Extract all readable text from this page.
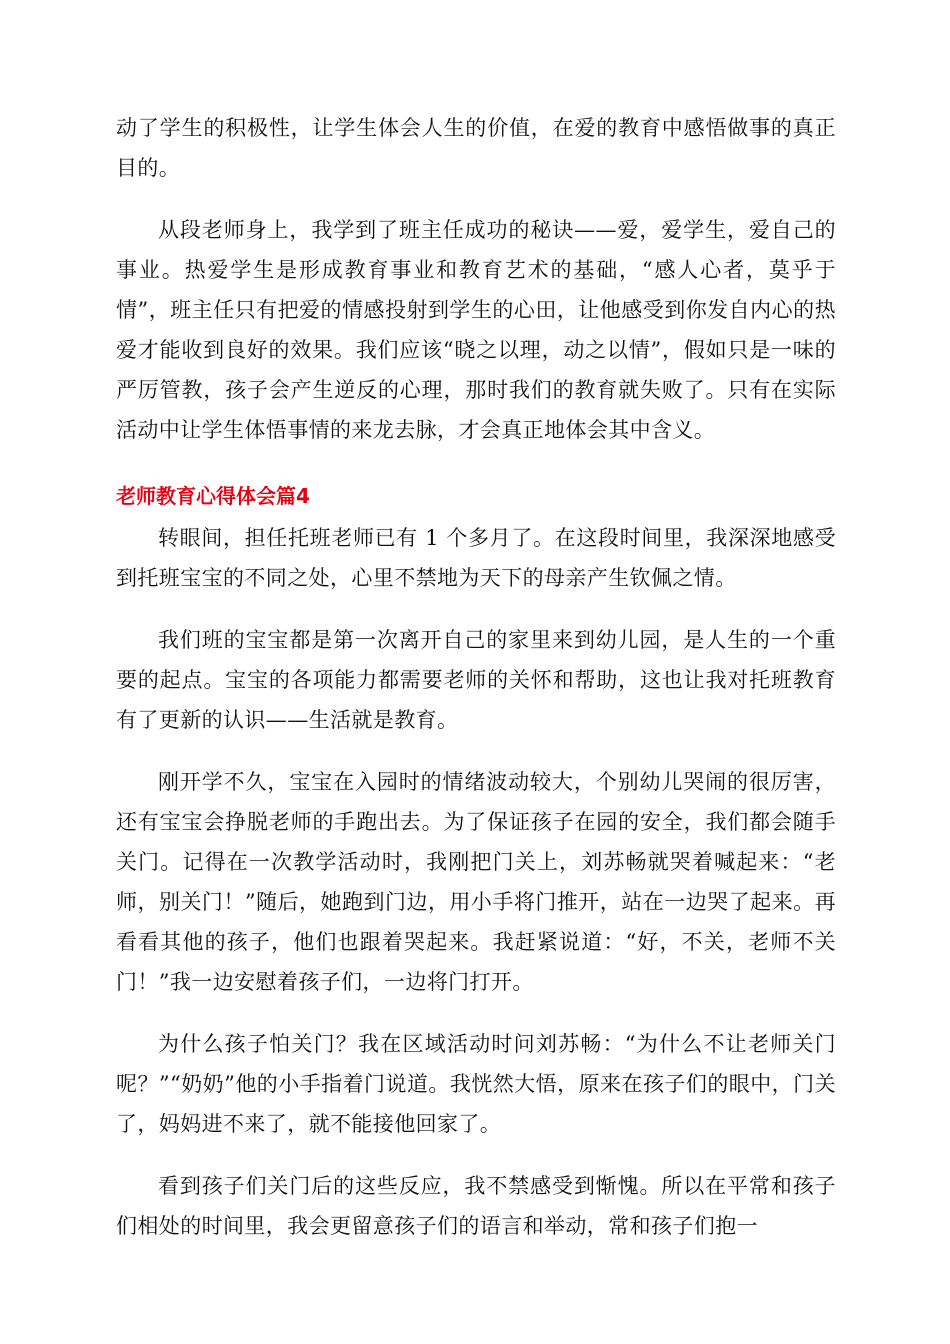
动了学生的积极性，让学生体会人生的价值，在爱的教育中感悟做事的真正目的。

从段老师身上，我学到了班主任成功的秘诀——爱，爱学生，爱自己的事业。热爱学生是形成教育事业和教育艺术的基础，“感人心者，莫乎于情”，班主任只有把爱的情感投射到学生的心田，让他感受到你发自内心的热爱才能收到良好的效果。我们应该“晓之以理，动之以情”，假如只是一味的严厉管教，孩子会产生逆反的心理，那时我们的教育就失败了。只有在实际活动中让学生体悟事情的来龙去脉，才会真正地体会其中含义。

老师教育心得体会篇4

转眼间，担任托班老师已有 1 个多月了。在这段时间里，我深深地感受到托班宝宝的不同之处，心里不禁地为天下的母亲产生钦佩之情。

我们班的宝宝都是第一次离开自己的家里来到幼儿园，是人生的一个重要的起点。宝宝的各项能力都需要老师的关怀和帮助，这也让我对托班教育有了更新的认识——生活就是教育。

刚开学不久，宝宝在入园时的情绪波动较大，个别幼儿哭闹的很厉害，还有宝宝会挣脱老师的手跑出去。为了保证孩子在园的安全，我们都会随手关门。记得在一次教学活动时，我刚把门关上，刘苏畅就哭着喊起来：“老师，别关门！”随后，她跑到门边，用小手将门推开，站在一边哭了起来。再看看其他的孩子，他们也跟着哭起来。我赶紧说道：“好，不关，老师不关门！”我一边安慰着孩子们，一边将门打开。

为什么孩子怕关门？我在区域活动时问刘苏畅：“为什么不让老师关门呢？”“奶奶”他的小手指着门说道。我恍然大悟，原来在孩子们的眼中，门关了，妈妈进不来了，就不能接他回家了。

看到孩子们关门后的这些反应，我不禁感受到惭愧。所以在平常和孩子们相处的时间里，我会更留意孩子们的语言和举动，常和孩子们抱一
